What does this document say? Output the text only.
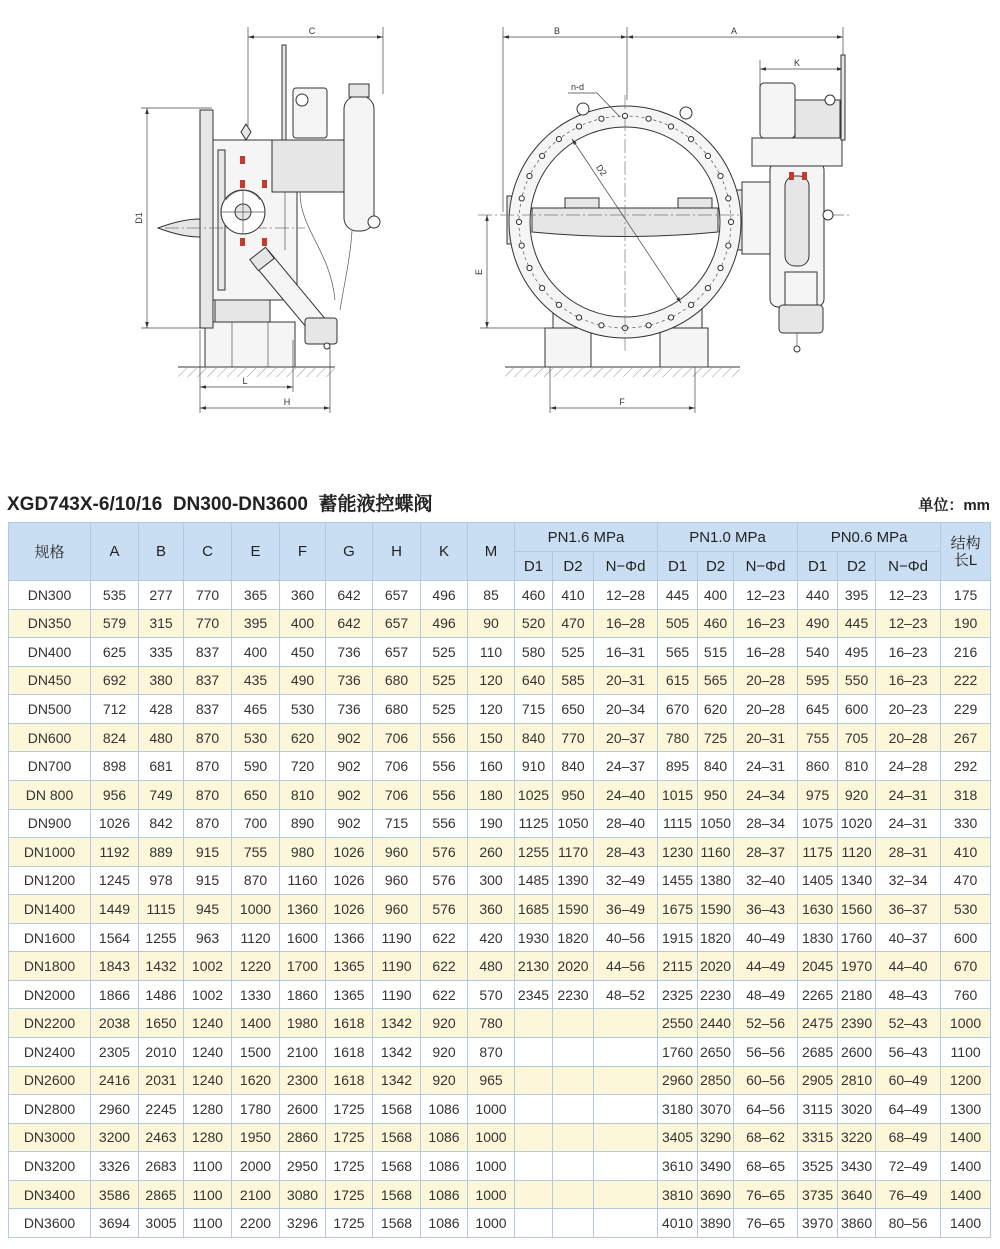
C
D1
L
H
B	A
K
D2
n-d
E
F
XGD743X-6/10/16  DN300-DN3600  蓄能液控蝶阀	单位：mm
规格	A	B	C	E	F	G	H	K	M	PN1.6 MPa			PN1.0 MPa			PN0.6 MPa			结构
长L
										D1	D2	N−Φd	D1	D2	N−Φd	D1	D2	N−Φd	
DN300	535	277	770	365	360	642	657	496	85	460	410	12–28	445	400	12–23	440	395	12–23	175
DN350	579	315	770	395	400	642	657	496	90	520	470	16–28	505	460	16–23	490	445	12–23	190
DN400	625	335	837	400	450	736	657	525	110	580	525	16–31	565	515	16–28	540	495	16–23	216
DN450	692	380	837	435	490	736	680	525	120	640	585	20–31	615	565	20–28	595	550	16–23	222
DN500	712	428	837	465	530	736	680	525	120	715	650	20–34	670	620	20–28	645	600	20–23	229
DN600	824	480	870	530	620	902	706	556	150	840	770	20–37	780	725	20–31	755	705	20–28	267
DN700	898	681	870	590	720	902	706	556	160	910	840	24–37	895	840	24–31	860	810	24–28	292
DN 800	956	749	870	650	810	902	706	556	180	1025	950	24–40	1015	950	24–34	975	920	24–31	318
DN900	1026	842	870	700	890	902	715	556	190	1125	1050	28–40	1115	1050	28–34	1075	1020	24–31	330
DN1000	1192	889	915	755	980	1026	960	576	260	1255	1170	28–43	1230	1160	28–37	1175	1120	28–31	410
DN1200	1245	978	915	870	1160	1026	960	576	300	1485	1390	32–49	1455	1380	32–40	1405	1340	32–34	470
DN1400	1449	1115	945	1000	1360	1026	960	576	360	1685	1590	36–49	1675	1590	36–43	1630	1560	36–37	530
DN1600	1564	1255	963	1120	1600	1366	1190	622	420	1930	1820	40–56	1915	1820	40–49	1830	1760	40–37	600
DN1800	1843	1432	1002	1220	1700	1365	1190	622	480	2130	2020	44–56	2115	2020	44–49	2045	1970	44–40	670
DN2000	1866	1486	1002	1330	1860	1365	1190	622	570	2345	2230	48–52	2325	2230	48–49	2265	2180	48–43	760
DN2200	2038	1650	1240	1400	1980	1618	1342	920	780				2550	2440	52–56	2475	2390	52–43	1000
DN2400	2305	2010	1240	1500	2100	1618	1342	920	870				1760	2650	56–56	2685	2600	56–43	1100
DN2600	2416	2031	1240	1620	2300	1618	1342	920	965				2960	2850	60–56	2905	2810	60–49	1200
DN2800	2960	2245	1280	1780	2600	1725	1568	1086	1000				3180	3070	64–56	3115	3020	64–49	1300
DN3000	3200	2463	1280	1950	2860	1725	1568	1086	1000				3405	3290	68–62	3315	3220	68–49	1400
DN3200	3326	2683	1100	2000	2950	1725	1568	1086	1000				3610	3490	68–65	3525	3430	72–49	1400
DN3400	3586	2865	1100	2100	3080	1725	1568	1086	1000				3810	3690	76–65	3735	3640	76–49	1400
DN3600	3694	3005	1100	2200	3296	1725	1568	1086	1000				4010	3890	76–65	3970	3860	80–56	1400
